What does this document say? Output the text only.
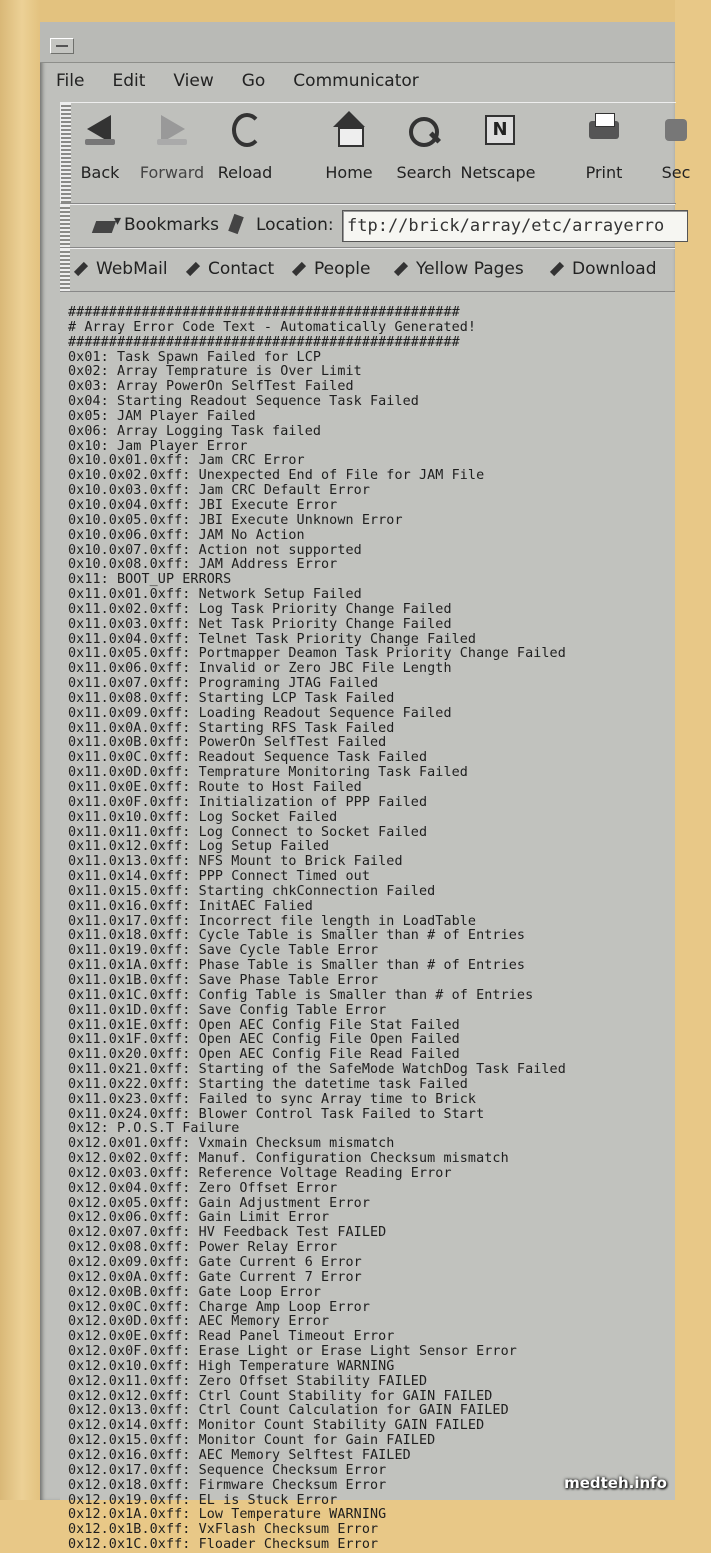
File	Edit	View	Go	Communicator
Back Forward Reload	Home Search
N Netscape	Print Sec
▾
Bookmarks Location: ftp://brick/array/etc/arrayerro
WebMail	Contact	People	Yellow Pages	Download
################################################
# Array Error Code Text - Automatically Generated!
################################################
0x01: Task Spawn Failed for LCP
0x02: Array Temprature is Over Limit
0x03: Array PowerOn SelfTest Failed
0x04: Starting Readout Sequence Task Failed
0x05: JAM Player Failed
0x06: Array Logging Task failed
0x10: Jam Player Error
0x10.0x01.0xff: Jam CRC Error
0x10.0x02.0xff: Unexpected End of File for JAM File
0x10.0x03.0xff: Jam CRC Default Error
0x10.0x04.0xff: JBI Execute Error
0x10.0x05.0xff: JBI Execute Unknown Error
0x10.0x06.0xff: JAM No Action
0x10.0x07.0xff: Action not supported
0x10.0x08.0xff: JAM Address Error
0x11: BOOT_UP ERRORS
0x11.0x01.0xff: Network Setup Failed
0x11.0x02.0xff: Log Task Priority Change Failed
0x11.0x03.0xff: Net Task Priority Change Failed
0x11.0x04.0xff: Telnet Task Priority Change Failed
0x11.0x05.0xff: Portmapper Deamon Task Priority Change Failed
0x11.0x06.0xff: Invalid or Zero JBC File Length
0x11.0x07.0xff: Programing JTAG Failed
0x11.0x08.0xff: Starting LCP Task Failed
0x11.0x09.0xff: Loading Readout Sequence Failed
0x11.0x0A.0xff: Starting RFS Task Failed
0x11.0x0B.0xff: PowerOn SelfTest Failed
0x11.0x0C.0xff: Readout Sequence Task Failed
0x11.0x0D.0xff: Temprature Monitoring Task Failed
0x11.0x0E.0xff: Route to Host Failed
0x11.0x0F.0xff: Initialization of PPP Failed
0x11.0x10.0xff: Log Socket Failed
0x11.0x11.0xff: Log Connect to Socket Failed
0x11.0x12.0xff: Log Setup Failed
0x11.0x13.0xff: NFS Mount to Brick Failed
0x11.0x14.0xff: PPP Connect Timed out
0x11.0x15.0xff: Starting chkConnection Failed
0x11.0x16.0xff: InitAEC Falied
0x11.0x17.0xff: Incorrect file length in LoadTable
0x11.0x18.0xff: Cycle Table is Smaller than # of Entries
0x11.0x19.0xff: Save Cycle Table Error
0x11.0x1A.0xff: Phase Table is Smaller than # of Entries
0x11.0x1B.0xff: Save Phase Table Error
0x11.0x1C.0xff: Config Table is Smaller than # of Entries
0x11.0x1D.0xff: Save Config Table Error
0x11.0x1E.0xff: Open AEC Config File Stat Failed
0x11.0x1F.0xff: Open AEC Config File Open Failed
0x11.0x20.0xff: Open AEC Config File Read Failed
0x11.0x21.0xff: Starting of the SafeMode WatchDog Task Failed
0x11.0x22.0xff: Starting the datetime task Failed
0x11.0x23.0xff: Failed to sync Array time to Brick
0x11.0x24.0xff: Blower Control Task Failed to Start
0x12: P.O.S.T Failure
0x12.0x01.0xff: Vxmain Checksum mismatch
0x12.0x02.0xff: Manuf. Configuration Checksum mismatch
0x12.0x03.0xff: Reference Voltage Reading Error
0x12.0x04.0xff: Zero Offset Error
0x12.0x05.0xff: Gain Adjustment Error
0x12.0x06.0xff: Gain Limit Error
0x12.0x07.0xff: HV Feedback Test FAILED
0x12.0x08.0xff: Power Relay Error
0x12.0x09.0xff: Gate Current 6 Error
0x12.0x0A.0xff: Gate Current 7 Error
0x12.0x0B.0xff: Gate Loop Error
0x12.0x0C.0xff: Charge Amp Loop Error
0x12.0x0D.0xff: AEC Memory Error
0x12.0x0E.0xff: Read Panel Timeout Error
0x12.0x0F.0xff: Erase Light or Erase Light Sensor Error
0x12.0x10.0xff: High Temperature WARNING
0x12.0x11.0xff: Zero Offset Stability FAILED
0x12.0x12.0xff: Ctrl Count Stability for GAIN FAILED
0x12.0x13.0xff: Ctrl Count Calculation for GAIN FAILED
0x12.0x14.0xff: Monitor Count Stability GAIN FAILED
0x12.0x15.0xff: Monitor Count for Gain FAILED
0x12.0x16.0xff: AEC Memory Selftest FAILED
0x12.0x17.0xff: Sequence Checksum Error
0x12.0x18.0xff: Firmware Checksum Error
0x12.0x19.0xff: EL is Stuck Error
0x12.0x1A.0xff: Low Temperature WARNING
0x12.0x1B.0xff: VxFlash Checksum Error
0x12.0x1C.0xff: Floader Checksum Error

medteh.info
